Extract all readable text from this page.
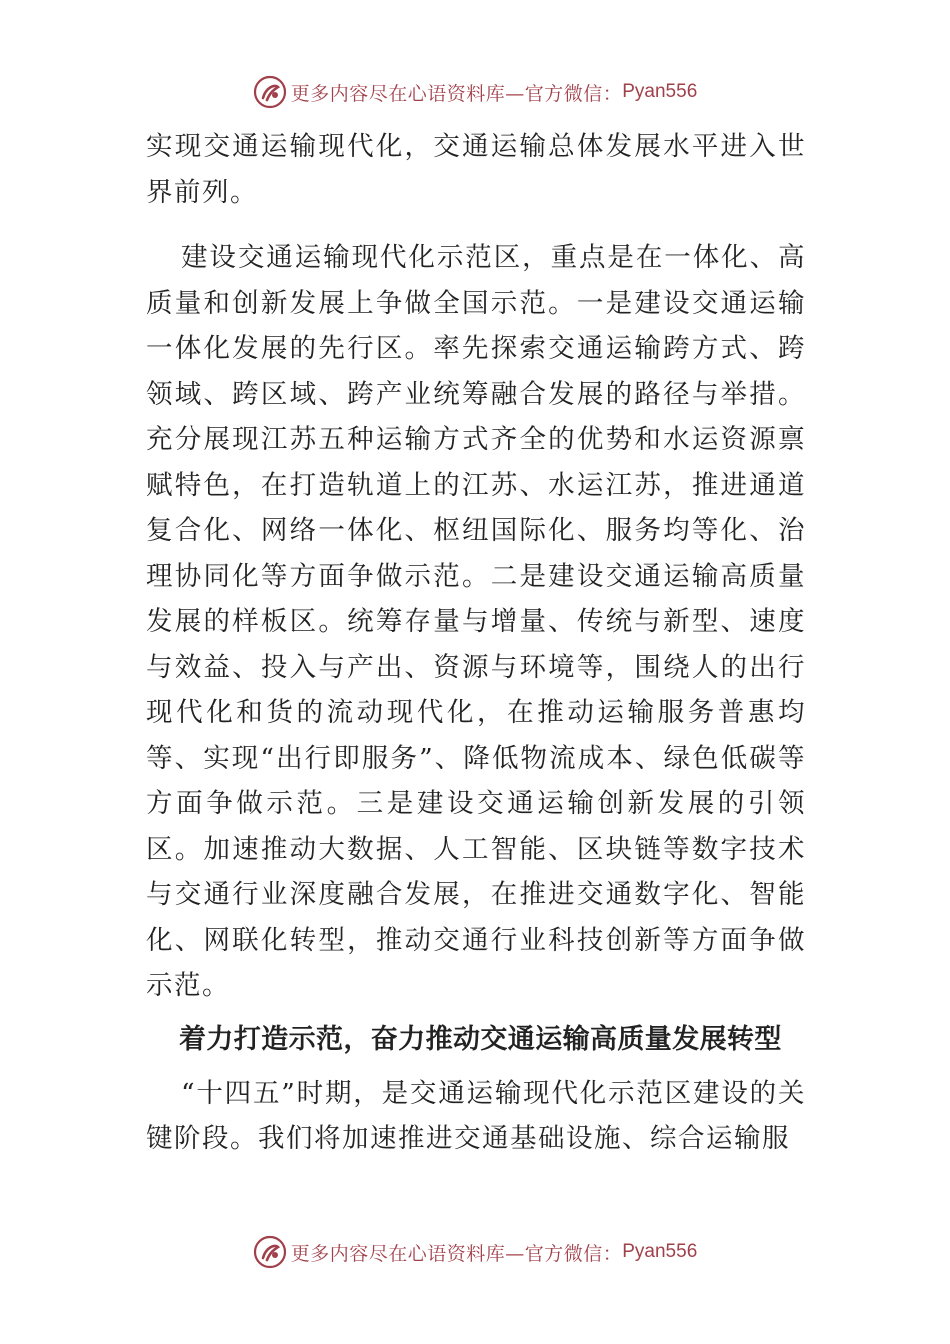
更多内容尽在心语资料库—官方微信： Pyan556

实现交通运输现代化，交通运输总体发展水平进入世界前列。

建设交通运输现代化示范区，重点是在一体化、高质量和创新发展上争做全国示范。一是建设交通运输一体化发展的先行区。率先探索交通运输跨方式、跨领域、跨区域、跨产业统筹融合发展的路径与举措。充分展现江苏五种运输方式齐全的优势和水运资源禀赋特色，在打造轨道上的江苏、水运江苏，推进通道复合化、网络一体化、枢纽国际化、服务均等化、治理协同化等方面争做示范。二是建设交通运输高质量发展的样板区。统筹存量与增量、传统与新型、速度与效益、投入与产出、资源与环境等，围绕人的出行现代化和货的流动现代化，在推动运输服务普惠均等、实现“出行即服务”、降低物流成本、绿色低碳等方面争做示范。三是建设交通运输创新发展的引领区。加速推动大数据、人工智能、区块链等数字技术与交通行业深度融合发展，在推进交通数字化、智能化、网联化转型，推动交通行业科技创新等方面争做示范。

着力打造示范，奋力推动交通运输高质量发展转型

“十四五”时期，是交通运输现代化示范区建设的关键阶段。我们将加速推进交通基础设施、综合运输服

更多内容尽在心语资料库—官方微信： Pyan556
